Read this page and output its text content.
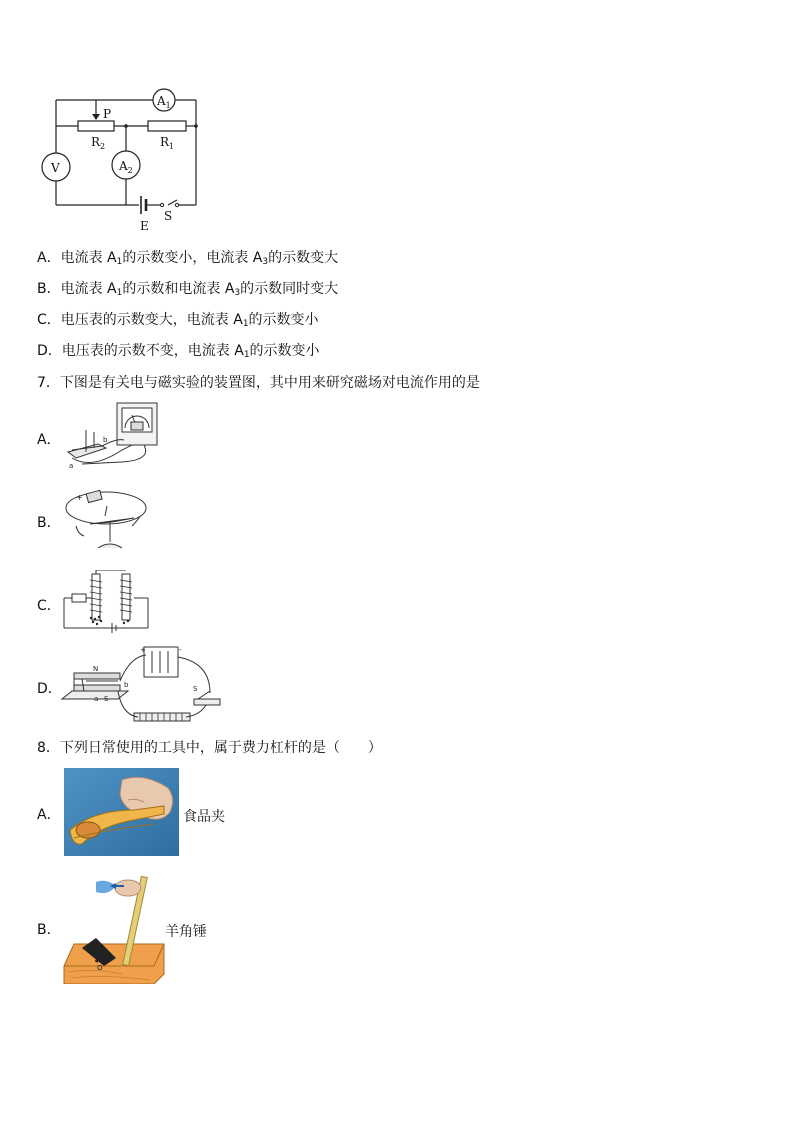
$A_1$
V	$A_2$
P
$R_2$	$R_1$
E
S
A．电流表 $A_1$的示数变小，电流表 $A_3$的示数变大
B．电流表 $A_1$的示数和电流表 $A_3$的示数同时变大
C．电压表的示数变大，电流表 $A_1$的示数变小
D．电压表的示数不变，电流表 $A_1$的示数变小
7．下图是有关电与磁实验的装置图，其中用来研究磁场对电流作用的是
A．
a
b
B．
+
C．
D．
N
S
a
b	S
+	-
8．下列日常使用的工具中，属于费力杠杆的是（　　）
A．	食品夹
B．
O
羊角锤
